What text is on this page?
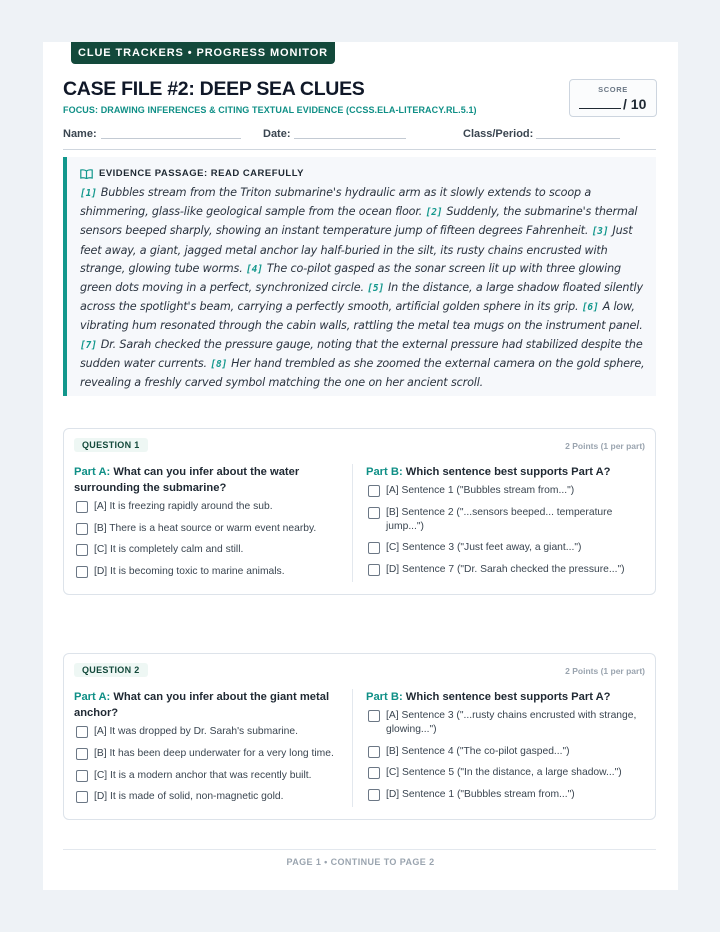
CLUE TRACKERS • PROGRESS MONITOR
CASE FILE #2: DEEP SEA CLUES
FOCUS: DRAWING INFERENCES & CITING TEXTUAL EVIDENCE (CCSS.ELA-LITERACY.RL.5.1)
SCORE
/ 10
Name:	Date:	Class/Period:
EVIDENCE PASSAGE: READ CAREFULLY
[1] Bubbles stream from the Triton submarine's hydraulic arm as it slowly extends to scoop a shimmering, glass-like geological sample from the ocean floor. [2] Suddenly, the submarine's thermal sensors beeped sharply, showing an instant temperature jump of fifteen degrees Fahrenheit. [3] Just feet away, a giant, jagged metal anchor lay half-buried in the silt, its rusty chains encrusted with strange, glowing tube worms. [4] The co-pilot gasped as the sonar screen lit up with three glowing green dots moving in a perfect, synchronized circle. [5] In the distance, a large shadow floated silently across the spotlight's beam, carrying a perfectly smooth, artificial golden sphere in its grip. [6] A low, vibrating hum resonated through the cabin walls, rattling the metal tea mugs on the instrument panel. [7] Dr. Sarah checked the pressure gauge, noting that the external pressure had stabilized despite the sudden water currents. [8] Her hand trembled as she zoomed the external camera on the gold sphere, revealing a freshly carved symbol matching the one on her ancient scroll.
QUESTION 1	2 Points (1 per part)
Part A: What can you infer about the water surrounding the submarine?
[A] It is freezing rapidly around the sub.
[B] There is a heat source or warm event nearby.
[C] It is completely calm and still.
[D] It is becoming toxic to marine animals.
Part B: Which sentence best supports Part A?
[A] Sentence 1 ("Bubbles stream from...")
[B] Sentence 2 ("...sensors beeped... temperature jump...")
[C] Sentence 3 ("Just feet away, a giant...")
[D] Sentence 7 ("Dr. Sarah checked the pressure...")
QUESTION 2	2 Points (1 per part)
Part A: What can you infer about the giant metal anchor?
[A] It was dropped by Dr. Sarah's submarine.
[B] It has been deep underwater for a very long time.
[C] It is a modern anchor that was recently built.
[D] It is made of solid, non-magnetic gold.
Part B: Which sentence best supports Part A?
[A] Sentence 3 ("...rusty chains encrusted with strange, glowing...")
[B] Sentence 4 ("The co-pilot gasped...")
[C] Sentence 5 ("In the distance, a large shadow...")
[D] Sentence 1 ("Bubbles stream from...")
PAGE 1 • CONTINUE TO PAGE 2
